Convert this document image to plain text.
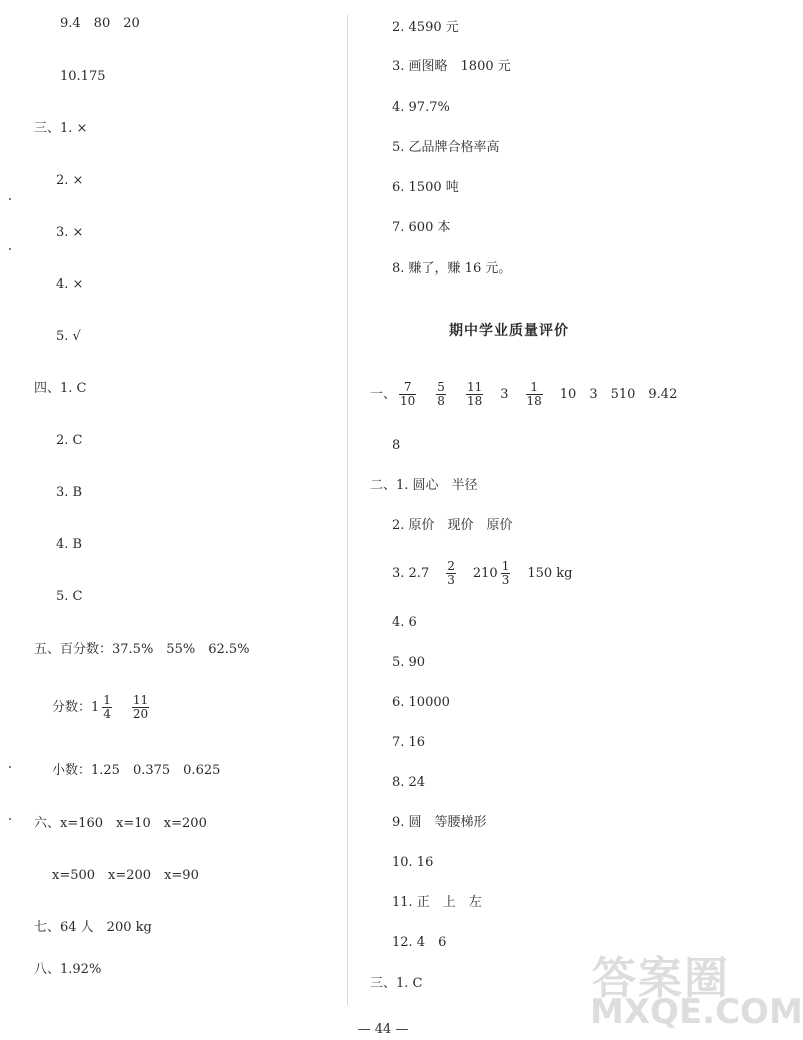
9.4　80　20
10.175
三、1. ×
2. ×
3. ×
4. ×
5. √
四、1. C
2. C
3. B
4. B
5. C
五、百分数：37.5%　55%　62.5%
分数：$1 \frac{1}{4} \frac{11}{20}$
小数：1.25　0.375　0.625
六、x=160　x=10　x=200
x=500　x=200　x=90
七、64 人　200 kg
八、1.92%
2. 4590 元
3. 画图略　1800 元
4. 97.7%
5. 乙品牌合格率高
6. 1500 吨
7. 600 本
8. 赚了，赚 16 元。
期中学业质量评价
一、 $\frac{7}{10} \frac{5}{8} \frac{11}{18} 3 \frac{1}{18} 10$　3　510　9.42
8
二、1. 圆心　半径
2. 原价　现价　原价
3. $2.7 \frac{2}{3} 210 \frac{1}{3} 150$ kg
4. 6
5. 90
6. 10000
7. 16
8. 24
9. 圆　等腰梯形
10. 16
11. 正　上　左
12. 4　6
三、1. C
— 44 —
答案圈
MXQE.COM
